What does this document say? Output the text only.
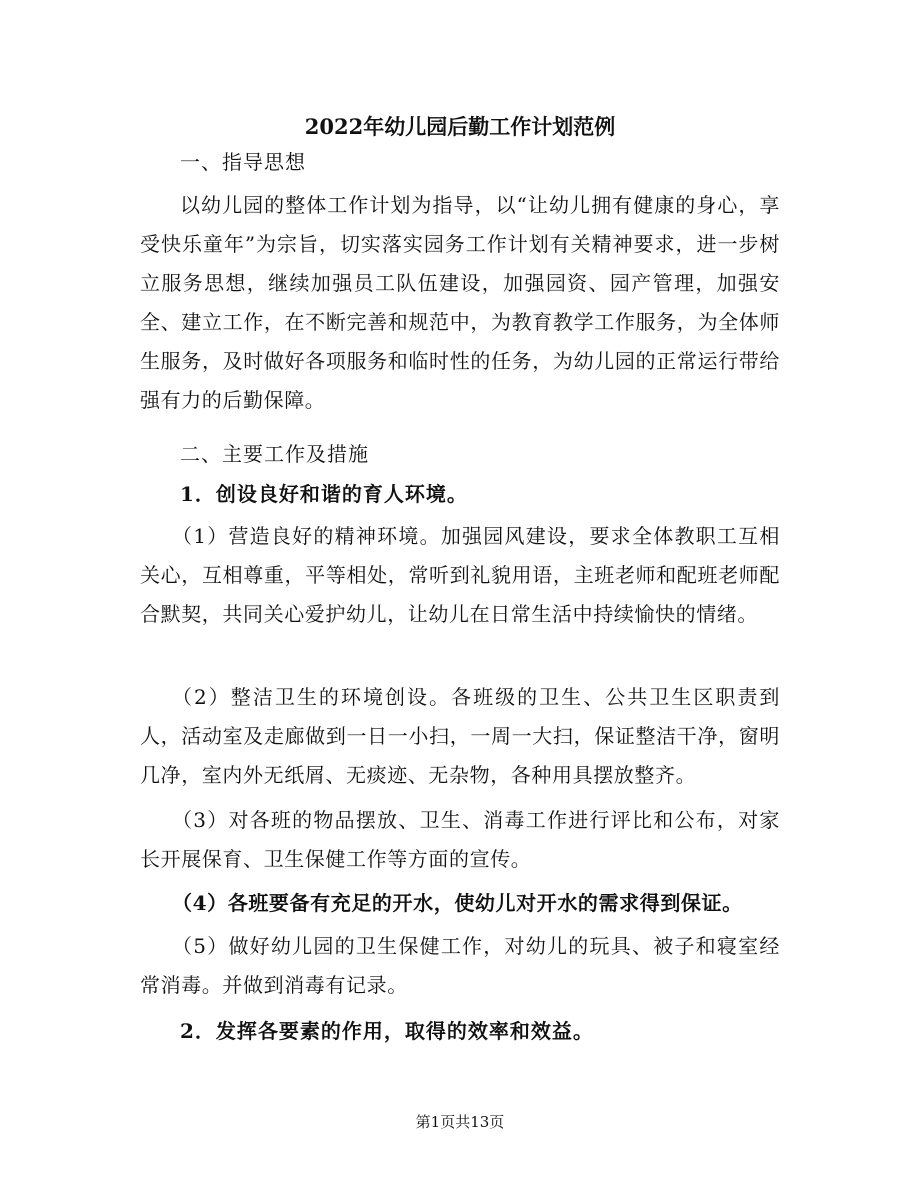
2022年幼儿园后勤工作计划范例

一、指导思想

以幼儿园的整体工作计划为指导，以“让幼儿拥有健康的身心，享受快乐童年”为宗旨，切实落实园务工作计划有关精神要求，进一步树立服务思想，继续加强员工队伍建设，加强园资、园产管理，加强安全、建立工作，在不断完善和规范中，为教育教学工作服务，为全体师生服务，及时做好各项服务和临时性的任务，为幼儿园的正常运行带给强有力的后勤保障。

二、主要工作及措施

1．创设良好和谐的育人环境。

（1）营造良好的精神环境。加强园风建设，要求全体教职工互相关心，互相尊重，平等相处，常听到礼貌用语，主班老师和配班老师配合默契，共同关心爱护幼儿，让幼儿在日常生活中持续愉快的情绪。

（2）整洁卫生的环境创设。各班级的卫生、公共卫生区职责到人，活动室及走廊做到一日一小扫，一周一大扫，保证整洁干净，窗明几净，室内外无纸屑、无痰迹、无杂物，各种用具摆放整齐。

（3）对各班的物品摆放、卫生、消毒工作进行评比和公布，对家长开展保育、卫生保健工作等方面的宣传。

（4）各班要备有充足的开水，使幼儿对开水的需求得到保证。

（5）做好幼儿园的卫生保健工作，对幼儿的玩具、被子和寝室经常消毒。并做到消毒有记录。

2．发挥各要素的作用，取得的效率和效益。

第1页共13页
